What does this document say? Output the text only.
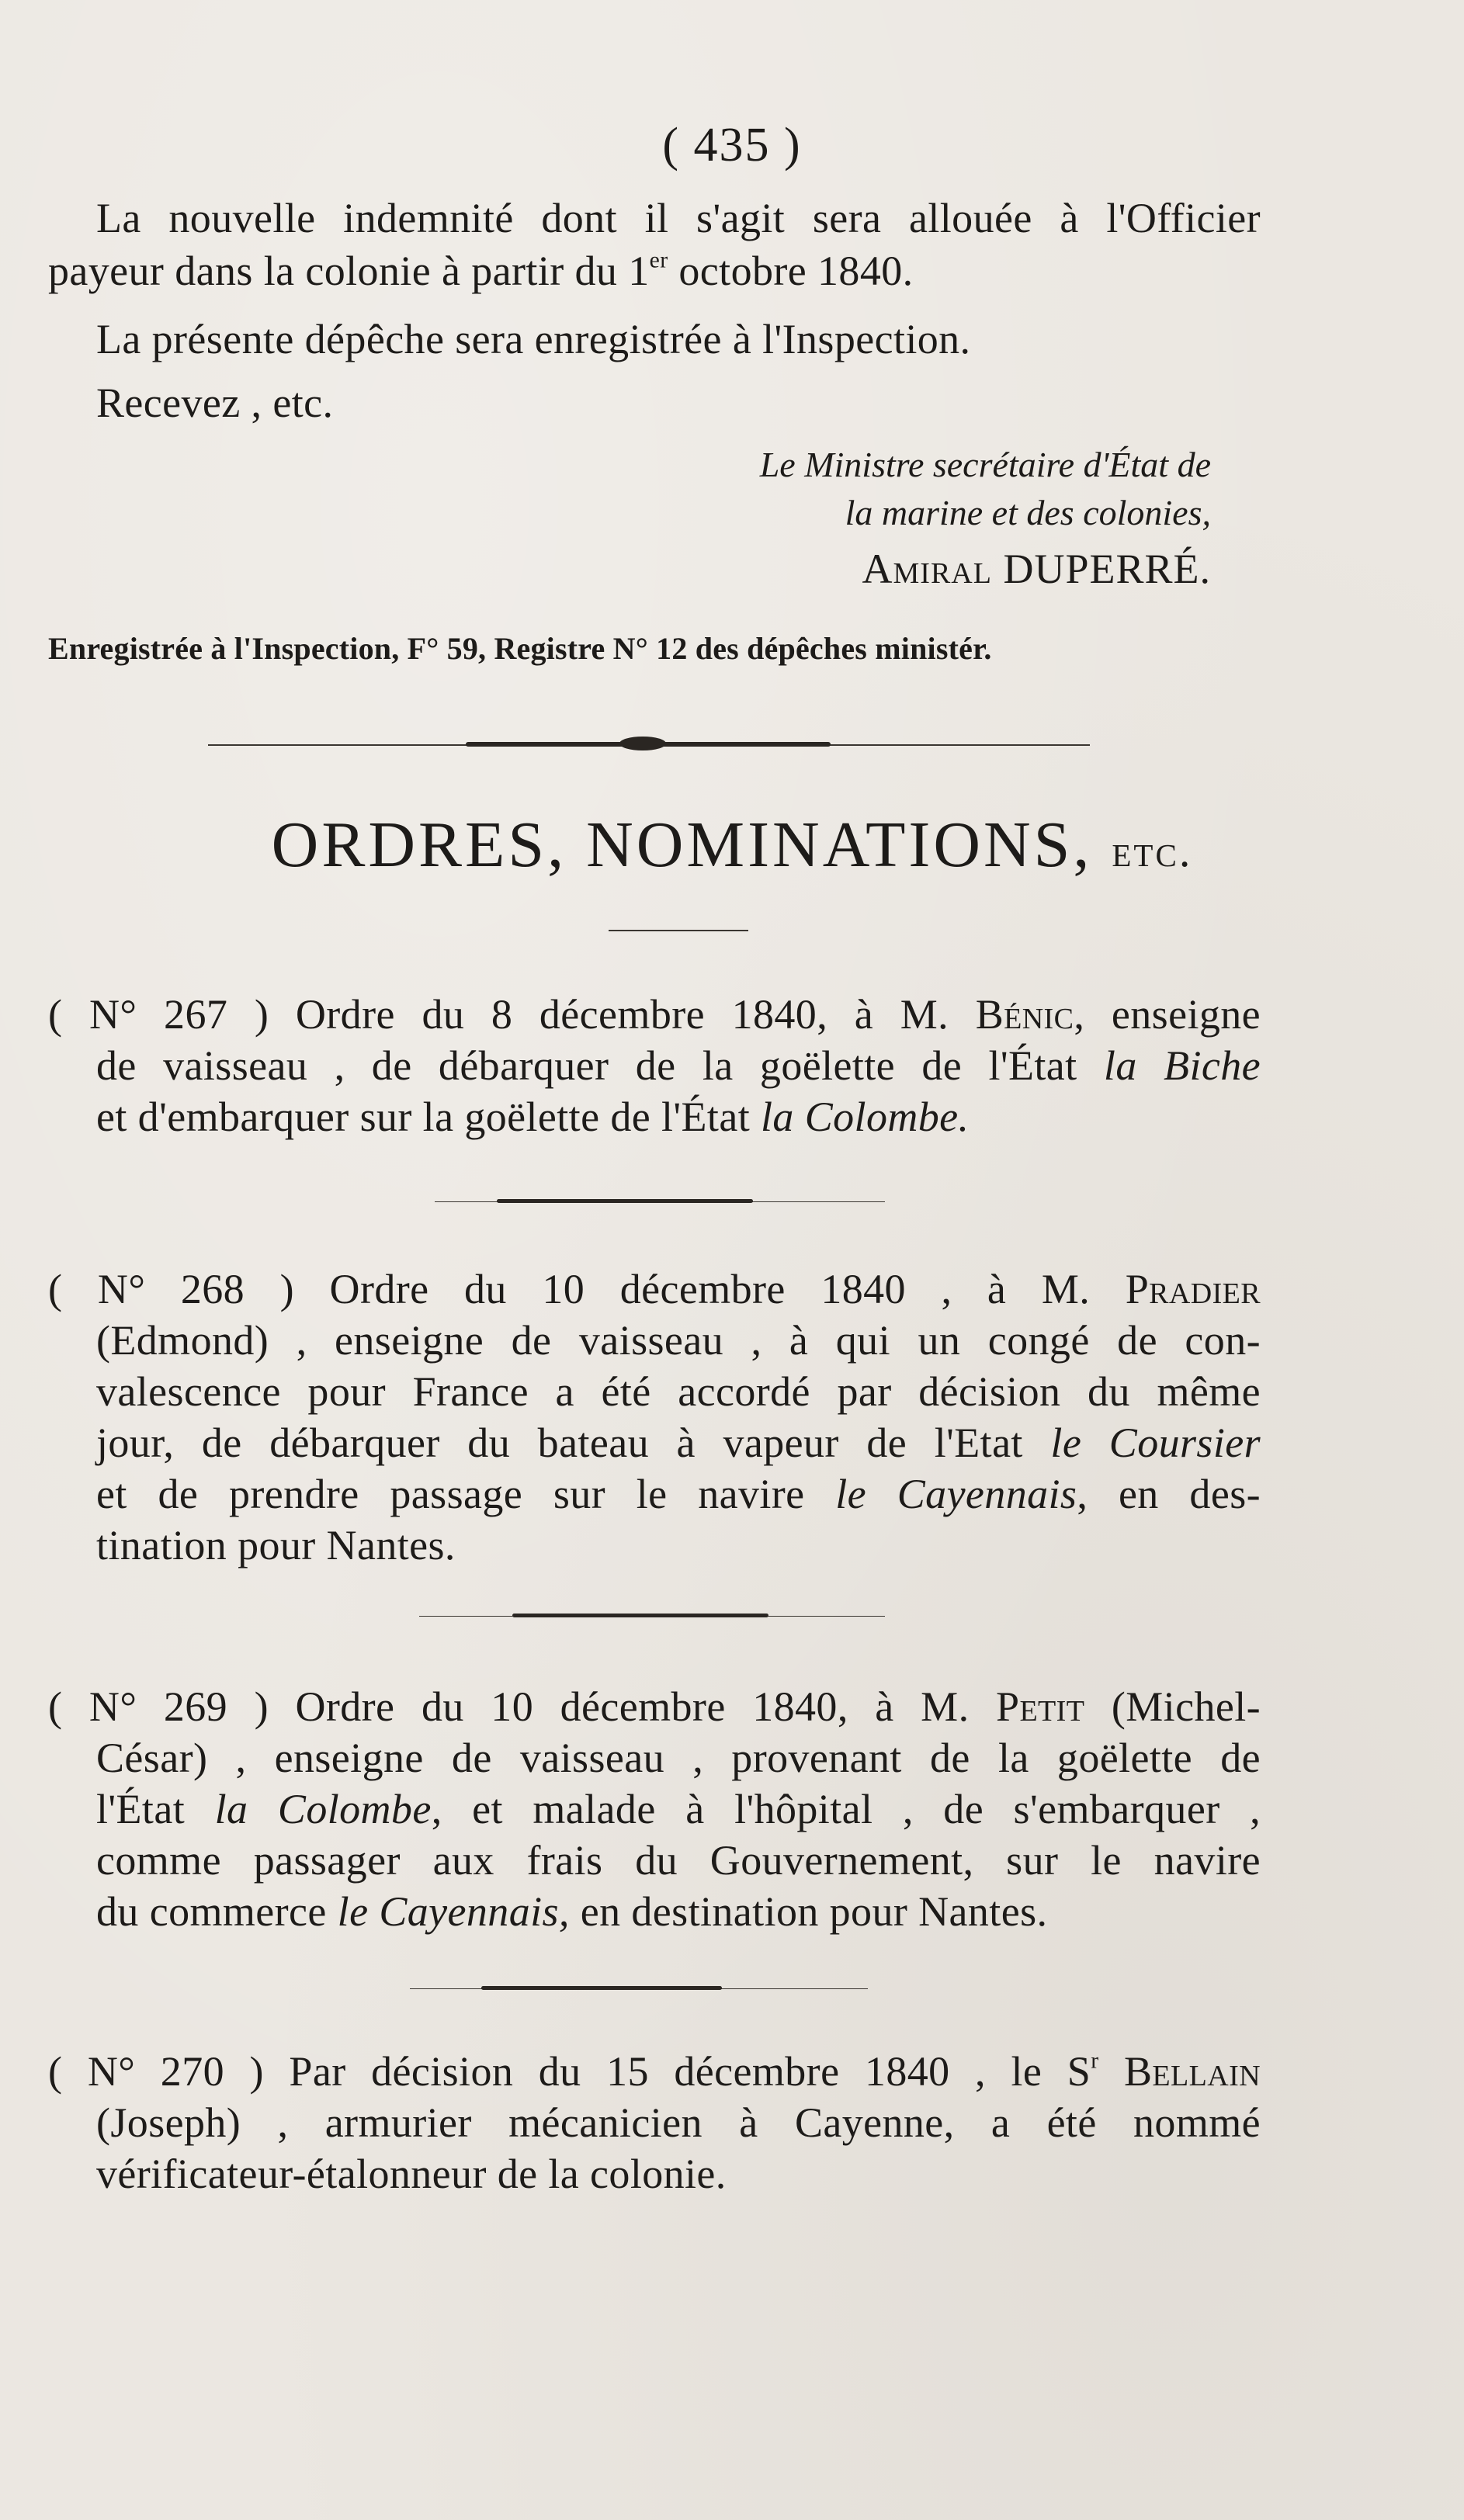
( 435 )
La nouvelle indemnité dont il s'agit sera allouée à l'Officier
payeur dans la colonie à partir du 1er octobre 1840.
La présente dépêche sera enregistrée à l'Inspection.
Recevez , etc.
Le Ministre secrétaire d'État de
la marine et des colonies,
Amiral DUPERRÉ.
Enregistrée à l'Inspection, F° 59, Registre N° 12 des dépêches ministér.
ORDRES, NOMINATIONS, etc.
( N° 267 ) Ordre du 8 décembre 1840, à M. Bénic, enseigne
de vaisseau , de débarquer de la goëlette de l'État la Biche
et d'embarquer sur la goëlette de l'État la Colombe.
( N° 268 ) Ordre du 10 décembre 1840 , à M. Pradier
(Edmond) , enseigne de vaisseau , à qui un congé de con-
valescence pour France a été accordé par décision du même
jour, de débarquer du bateau à vapeur de l'Etat le Coursier
et de prendre passage sur le navire le Cayennais, en des-
tination pour Nantes.
( N° 269 ) Ordre du 10 décembre 1840, à M. Petit (Michel-
César) , enseigne de vaisseau , provenant de la goëlette de
l'État la Colombe, et malade à l'hôpital , de s'embarquer ,
comme passager aux frais du Gouvernement, sur le navire
du commerce le Cayennais, en destination pour Nantes.
( N° 270 ) Par décision du 15 décembre 1840 , le $S^r$ Bellain
(Joseph) , armurier mécanicien à Cayenne, a été nommé
vérificateur-étalonneur de la colonie.
